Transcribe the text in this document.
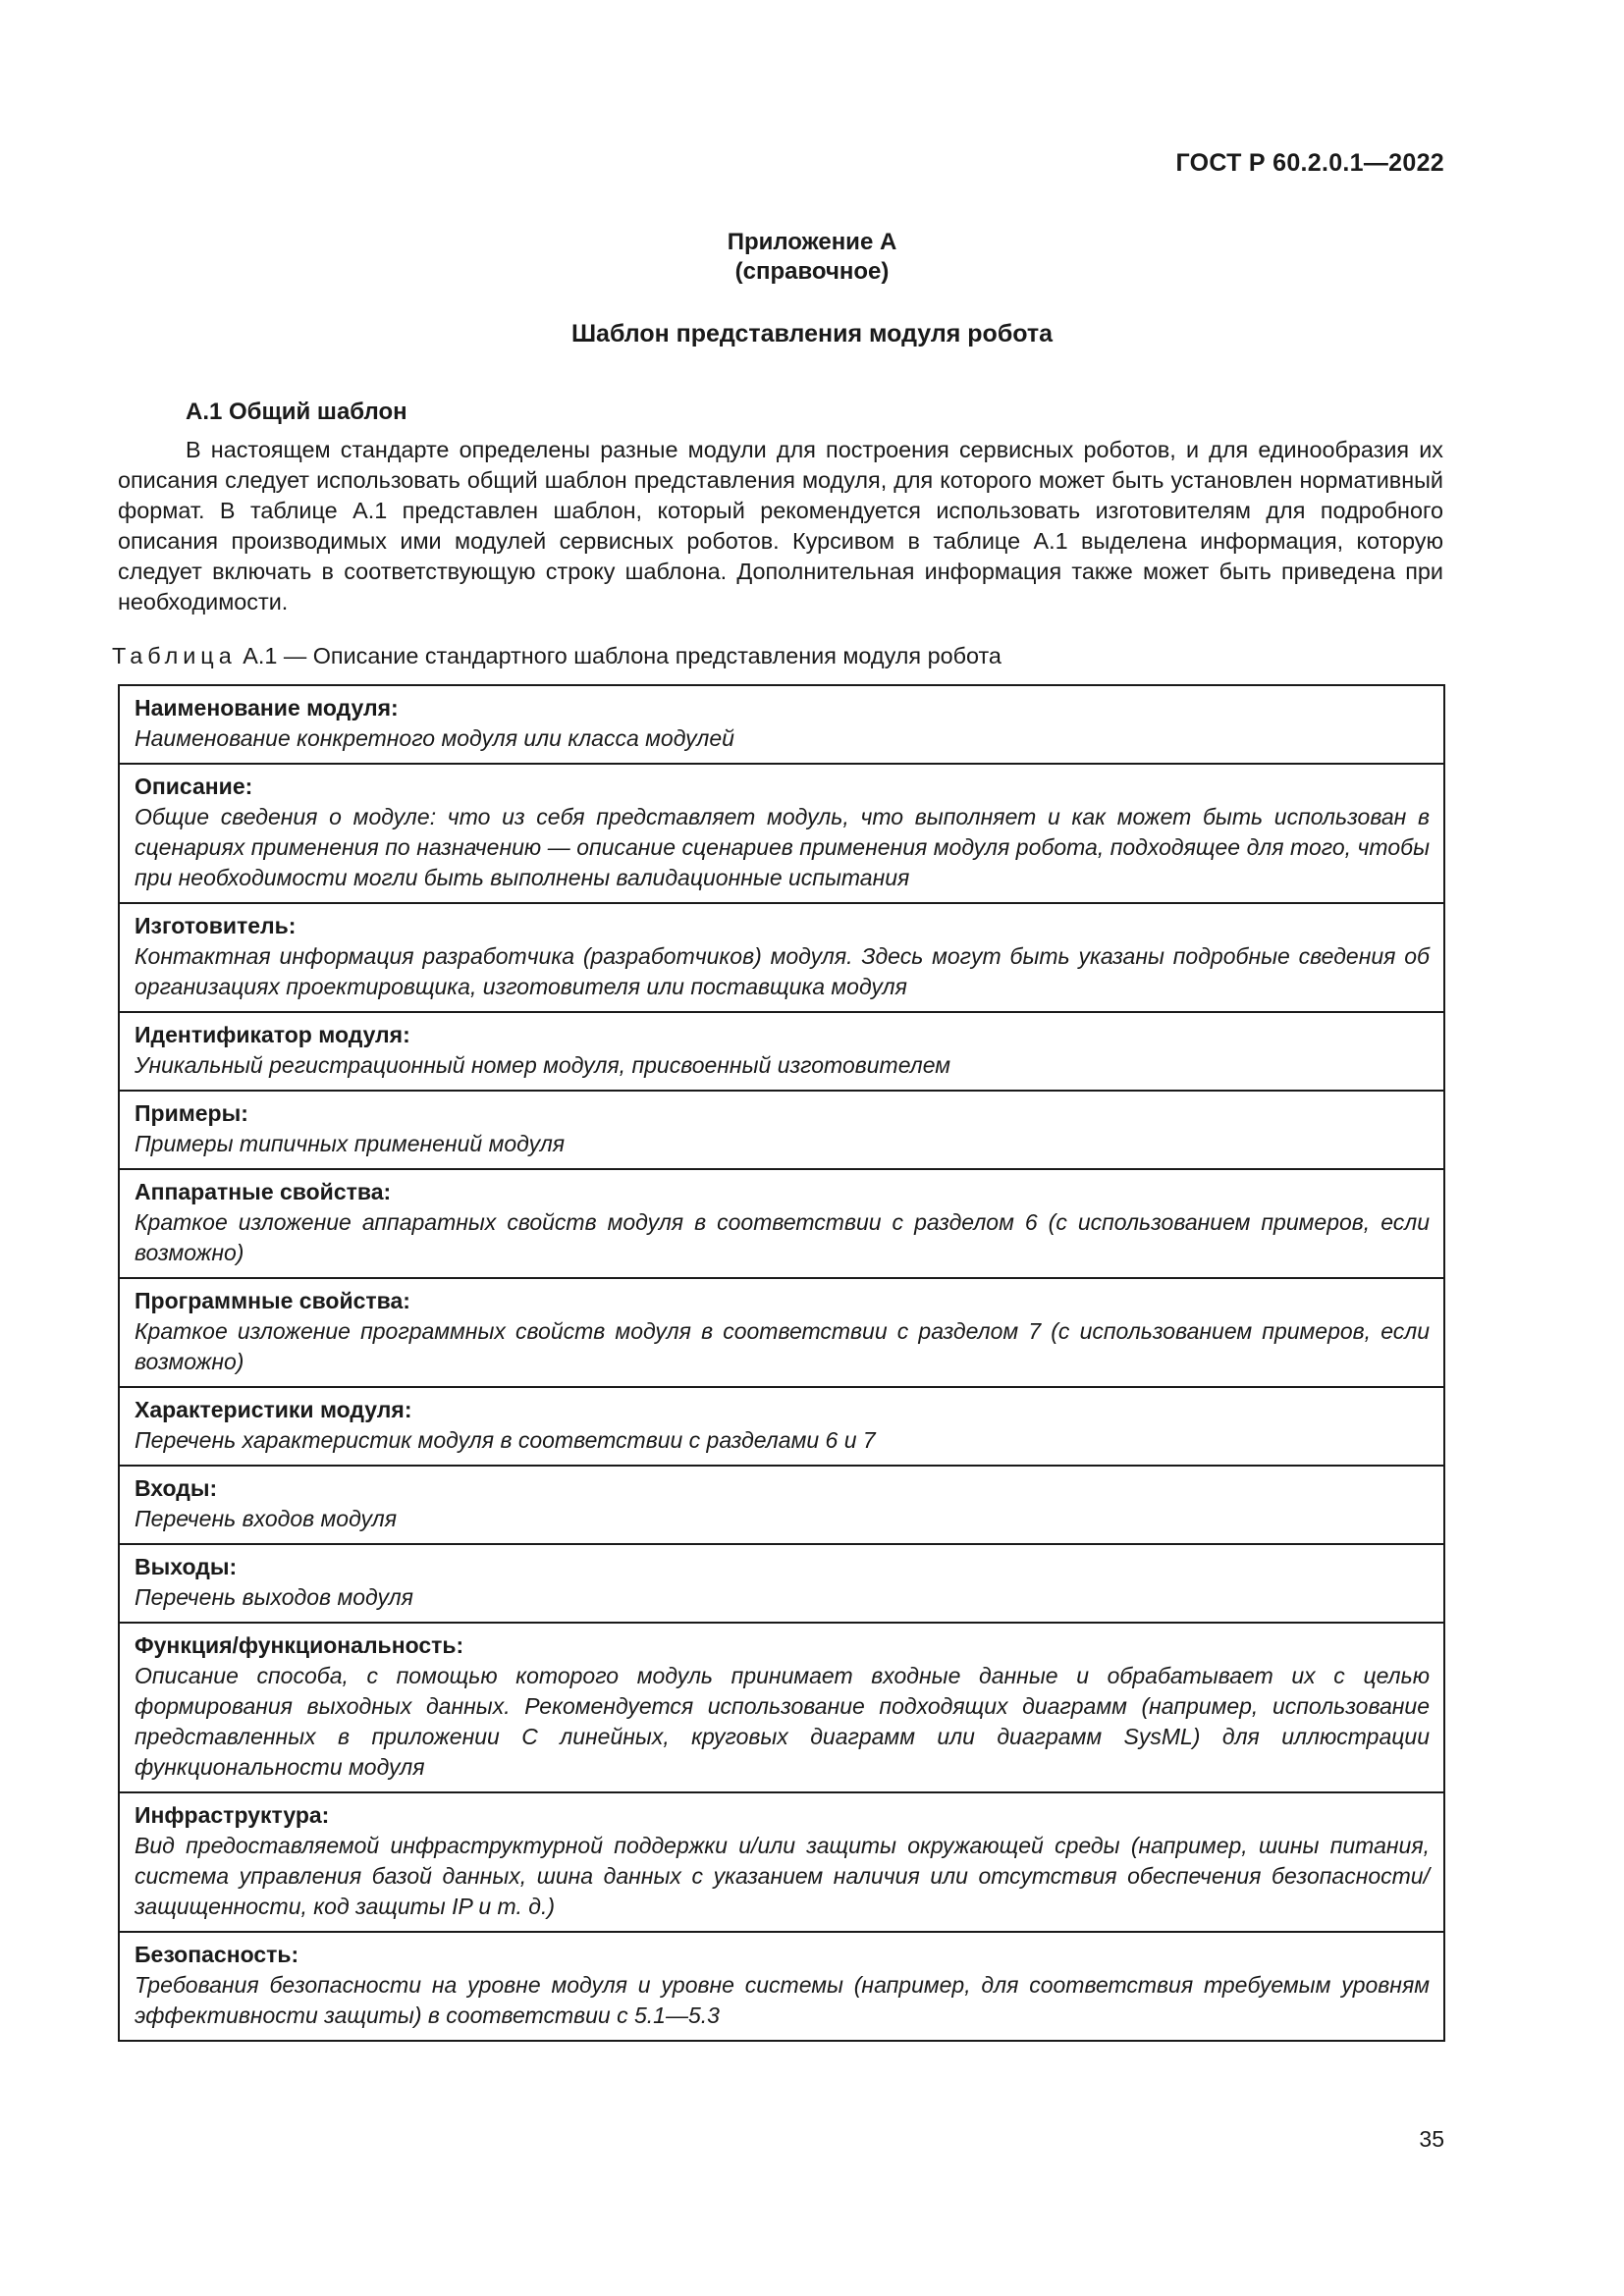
ГОСТ Р 60.2.0.1—2022
Приложение А
(справочное)
Шаблон представления модуля робота
А.1 Общий шаблон

В настоящем стандарте определены разные модули для построения сервисных роботов, и для единообразия их описания следует использовать общий шаблон представления модуля, для которого может быть установлен нормативный формат. В таблице А.1 представлен шаблон, который рекомендуется использовать изготовителям для подробного описания производимых ими модулей сервисных роботов. Курсивом в таблице А.1 выделена информация, которую следует включать в соответствующую строку шаблона. Дополнительная информация также может быть приведена при необходимости.

Таблица А.1 — Описание стандартного шаблона представления модуля робота
Наименование модуля:
Наименование конкретного модуля или класса модулей

Описание:
Общие сведения о модуле: что из себя представляет модуль, что выполняет и как может быть использован в сценариях применения по назначению — описание сценариев применения модуля робота, подходящее для того, чтобы при необходимости могли быть выполнены валидационные испытания

Изготовитель:
Контактная информация разработчика (разработчиков) модуля. Здесь могут быть указаны подробные сведения об организациях проектировщика, изготовителя или поставщика модуля

Идентификатор модуля:
Уникальный регистрационный номер модуля, присвоенный изготовителем

Примеры:
Примеры типичных применений модуля

Аппаратные свойства:
Краткое изложение аппаратных свойств модуля в соответствии с разделом 6 (с использованием примеров, если возможно)

Программные свойства:
Краткое изложение программных свойств модуля в соответствии с разделом 7 (с использованием примеров, если возможно)

Характеристики модуля:
Перечень характеристик модуля в соответствии с разделами 6 и 7

Входы:
Перечень входов модуля

Выходы:
Перечень выходов модуля

Функция/функциональность:
Описание способа, с помощью которого модуль принимает входные данные и обрабатывает их с целью формирования выходных данных. Рекомендуется использование подходящих диаграмм (например, использование представленных в приложении С линейных, круговых диаграмм или диаграмм SysML) для иллюстрации функциональности модуля

Инфраструктура:
Вид предоставляемой инфраструктурной поддержки и/или защиты окружающей среды (например, шины питания, система управления базой данных, шина данных с указанием наличия или отсутствия обеспечения безопасности/защищенности, код защиты IP и т. д.)

Безопасность:
Требования безопасности на уровне модуля и уровне системы (например, для соответствия требуемым уровням эффективности защиты) в соответствии с 5.1—5.3
35
